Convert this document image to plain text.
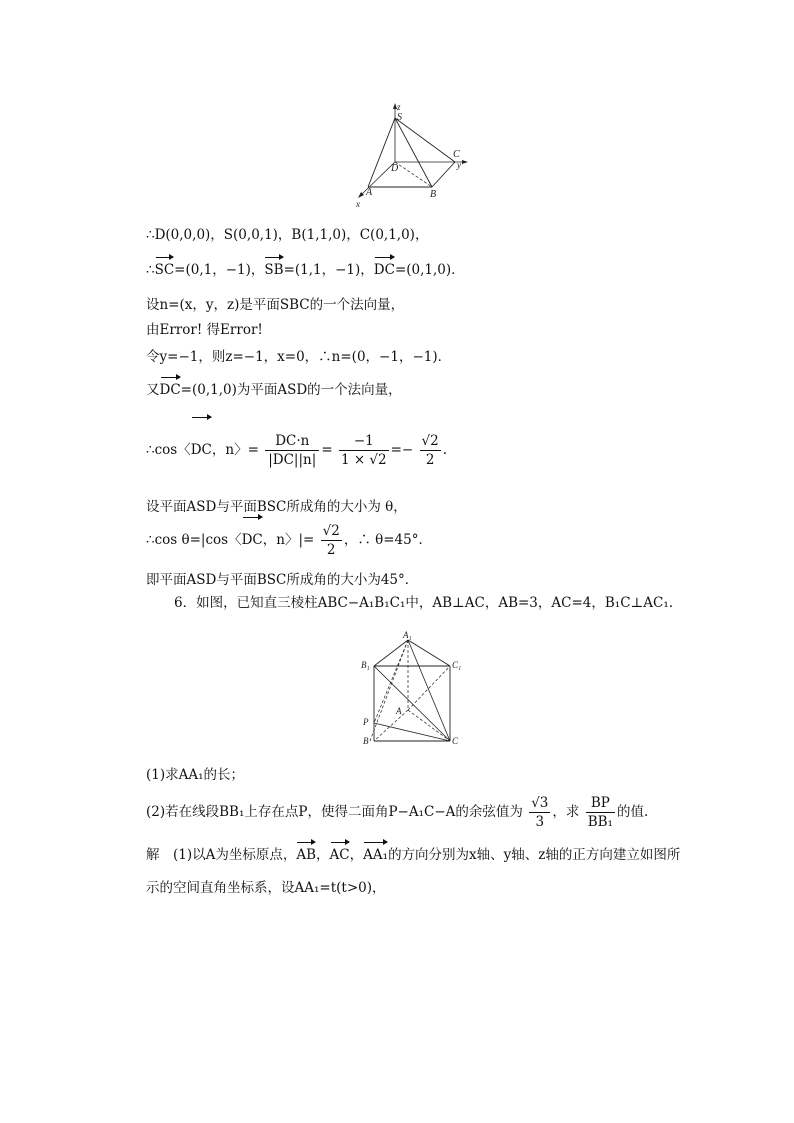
z
S
C
D	y
A	B
x
∴D(0,0,0)，S(0,0,1)，B(1,1,0)，C(0,1,0)，
∴SC=(0,1，−1)，SB=(1,1，−1)，DC=(0,1,0)．
设n=(x，y，z)是平面SBC的一个法向量，
由Error! 得Error!
令y=−1，则z=−1，x=0，∴n=(0，−1，−1)．
又DC=(0,1,0)为平面ASD的一个法向量，
∴cos〈DC，n〉= $\frac{DC\cdot n}{|DC||n|} = \frac{-1}{1 \times √2} =- \frac{√2}{2}$ .
设平面ASD与平面BSC所成角的大小为 θ，
∴cos θ=|cos〈DC，n〉|= $\frac{√2}{2}$ ，∴ θ=45°．
即平面ASD与平面BSC所成角的大小为45°．
6．如图，已知直三棱柱ABC−A₁B₁C₁中，AB⊥AC，AB=3，AC=4，B₁C⊥AC₁.
A₁
B₁	C₁
A
P
B	C
(1)求AA₁的长；
(2)若在线段BB₁上存在点P，使得二面角P−A₁C−A的余弦值为 $\frac{√3}{3}$ ，求 $\frac{BP}{\text{BB₁}}$ 的值.
解　(1)以A为坐标原点，AB，AC，AA₁的方向分别为x轴、y轴、z轴的正方向建立如图所
示的空间直角坐标系，设AA₁=t(t>0)，
